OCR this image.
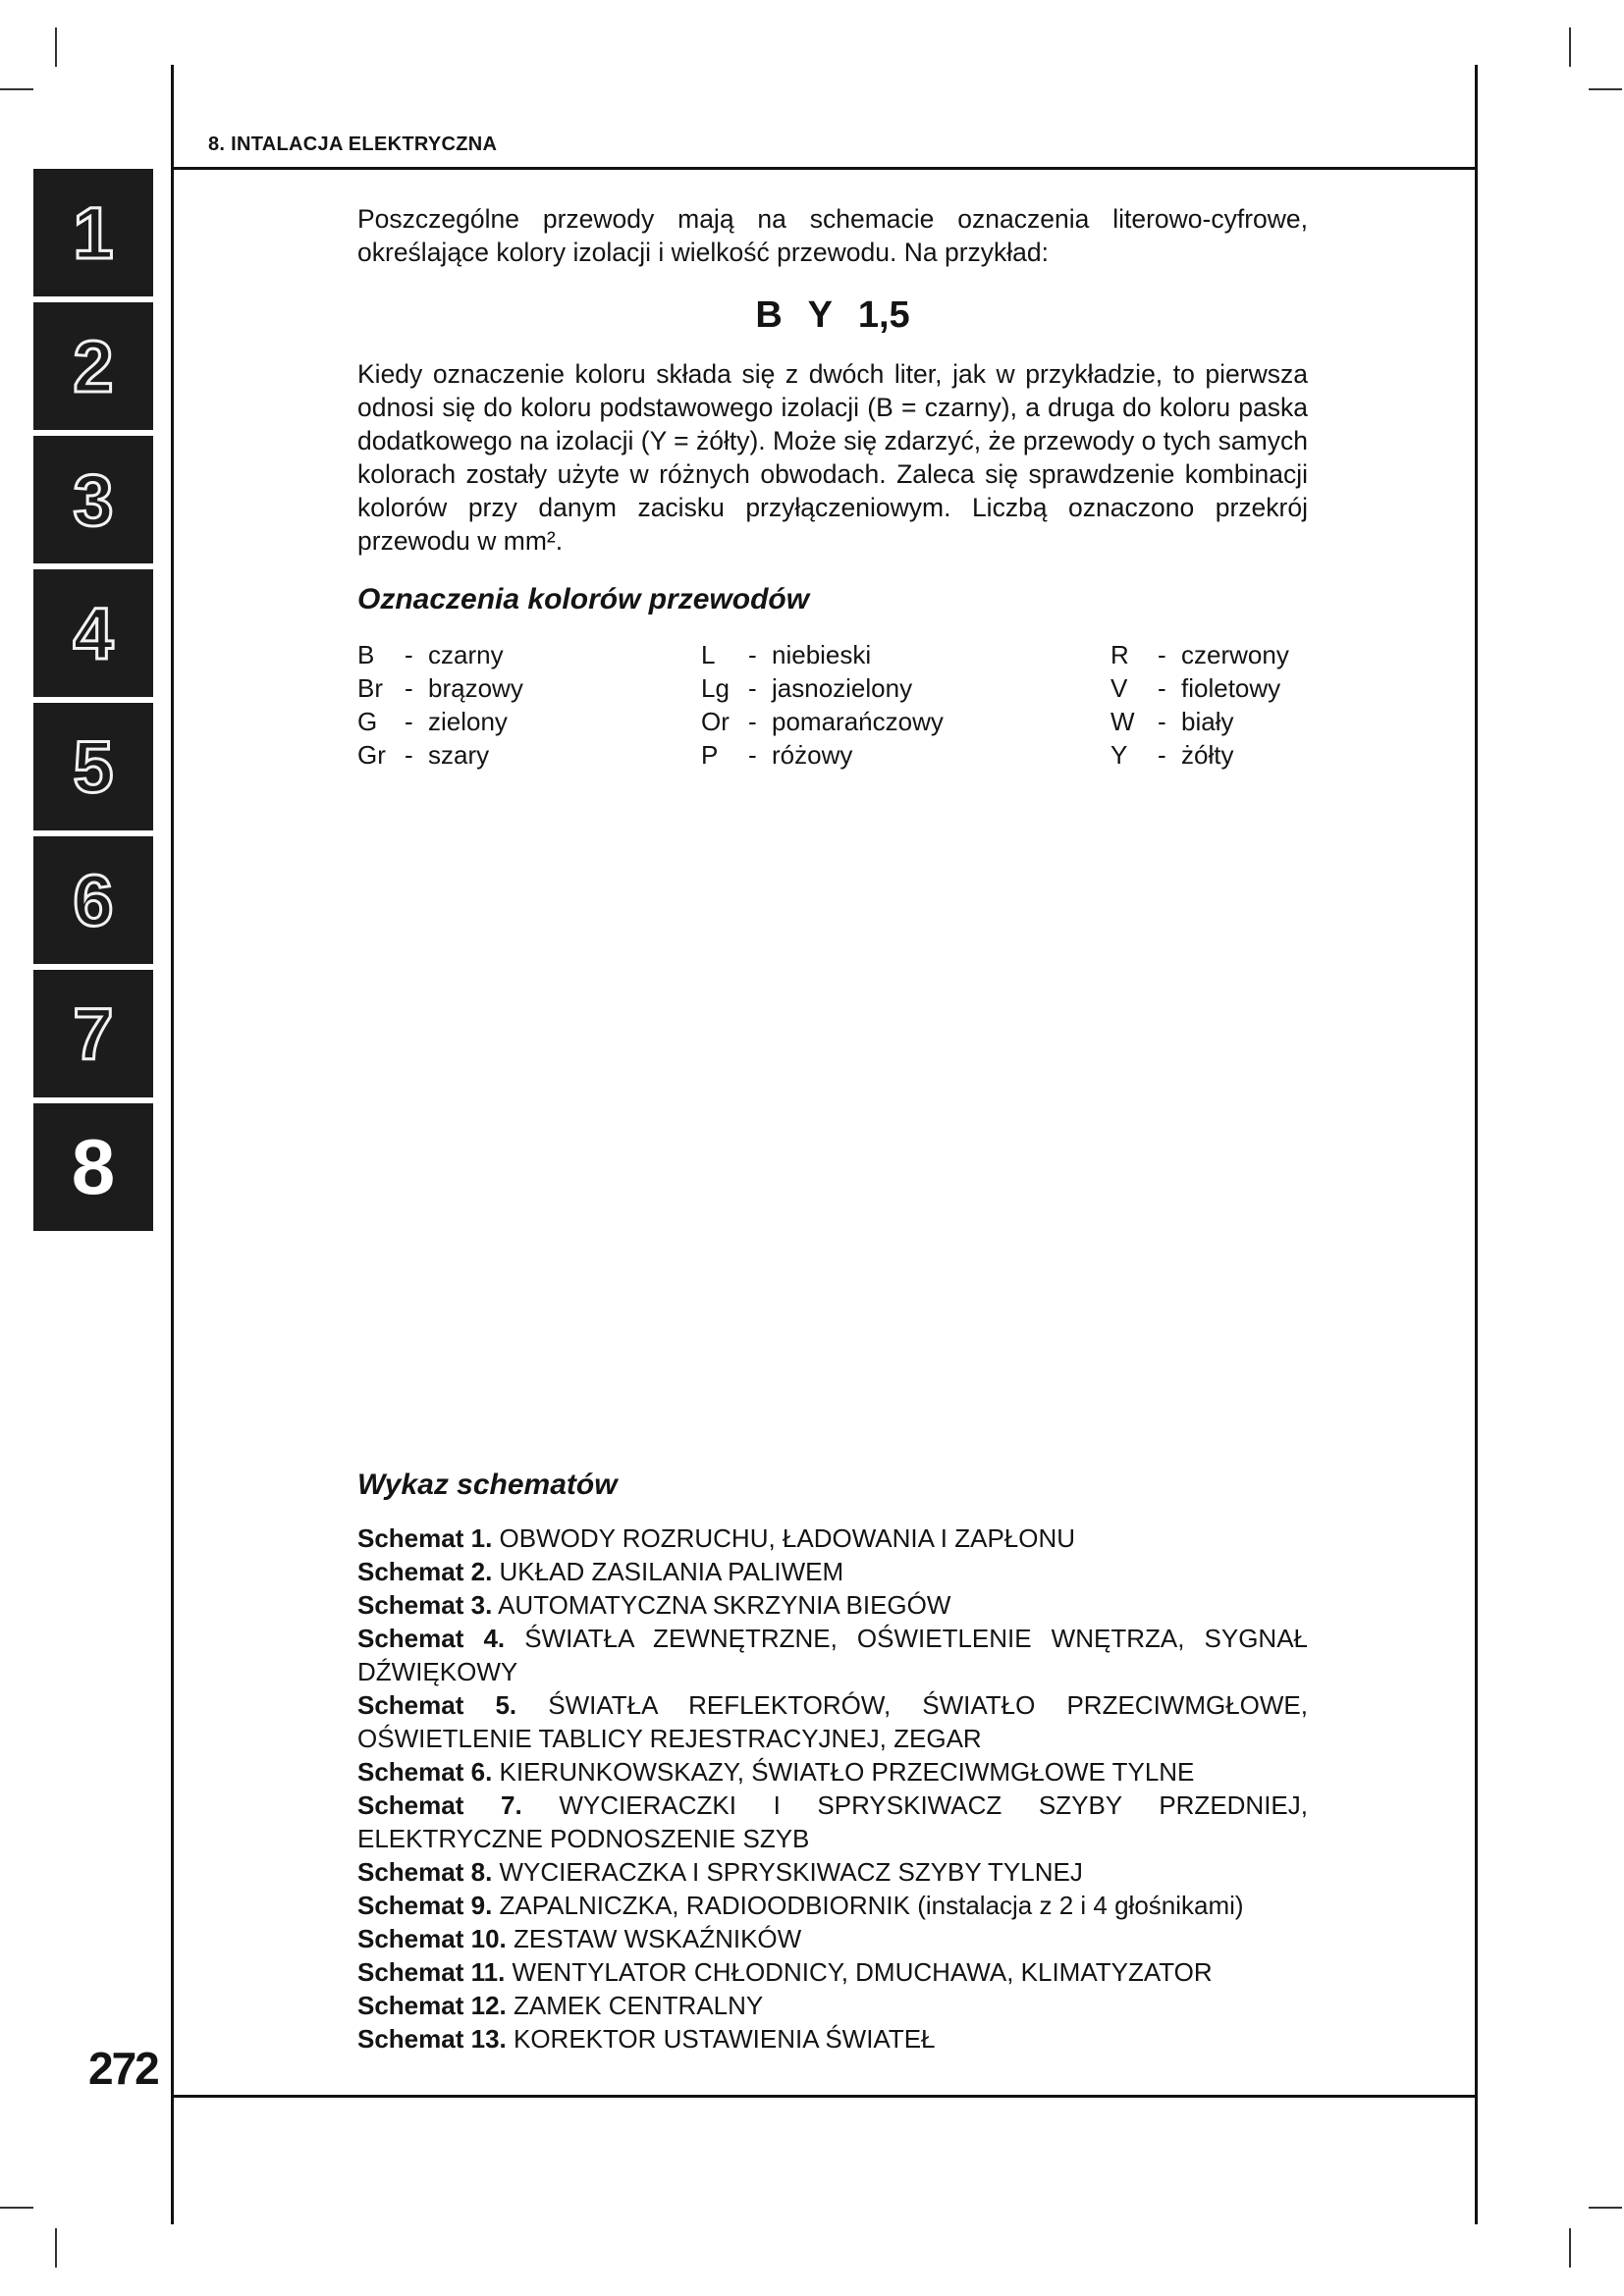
8. INTALACJA ELEKTRYCZNA
1
2
3
4
5
6
7
8
Poszczególne przewody mają na schemacie oznaczenia literowo-cyfrowe, określające kolory izolacji i wielkość przewodu. Na przykład:
B Y 1,5
Kiedy oznaczenie koloru składa się z dwóch liter, jak w przykładzie, to pierwsza odnosi się do koloru podstawowego izolacji (B = czarny), a druga do koloru paska dodatkowego na izolacji (Y = żółty). Może się zdarzyć, że przewody o tych samych kolorach zostały użyte w różnych obwodach. Zaleca się sprawdzenie kombinacji kolorów przy danym zacisku przyłączeniowym. Liczbą oznaczono przekrój przewodu w mm².
Oznaczenia kolorów przewodów
B	- czarny
Br - brązowy
G	- zielony
Gr - szary
L	- niebieski
Lg - jasnozielony
Or - pomarańczowy
P	- różowy
R	- czerwony
V	- fioletowy
W - biały
Y	- żółty
Wykaz schematów
Schemat 1. OBWODY ROZRUCHU, ŁADOWANIA I ZAPŁONU
Schemat 2. UKŁAD ZASILANIA PALIWEM
Schemat 3. AUTOMATYCZNA SKRZYNIA BIEGÓW
Schemat 4. ŚWIATŁA ZEWNĘTRZNE, OŚWIETLENIE WNĘTRZA, SYGNAŁ DŹWIĘKOWY
Schemat 5. ŚWIATŁA REFLEKTORÓW, ŚWIATŁO PRZECIWMGŁOWE, OŚWIETLENIE TABLICY REJESTRACYJNEJ, ZEGAR
Schemat 6. KIERUNKOWSKAZY, ŚWIATŁO PRZECIWMGŁOWE TYLNE
Schemat 7. WYCIERACZKI I SPRYSKIWACZ SZYBY PRZEDNIEJ, ELEKTRYCZNE PODNOSZENIE SZYB
Schemat 8. WYCIERACZKA I SPRYSKIWACZ SZYBY TYLNEJ
Schemat 9. ZAPALNICZKA, RADIOODBIORNIK (instalacja z 2 i 4 głośnikami)
Schemat 10. ZESTAW WSKAŹNIKÓW
Schemat 11. WENTYLATOR CHŁODNICY, DMUCHAWA, KLIMATYZATOR
Schemat 12. ZAMEK CENTRALNY
Schemat 13. KOREKTOR USTAWIENIA ŚWIATEŁ
272
